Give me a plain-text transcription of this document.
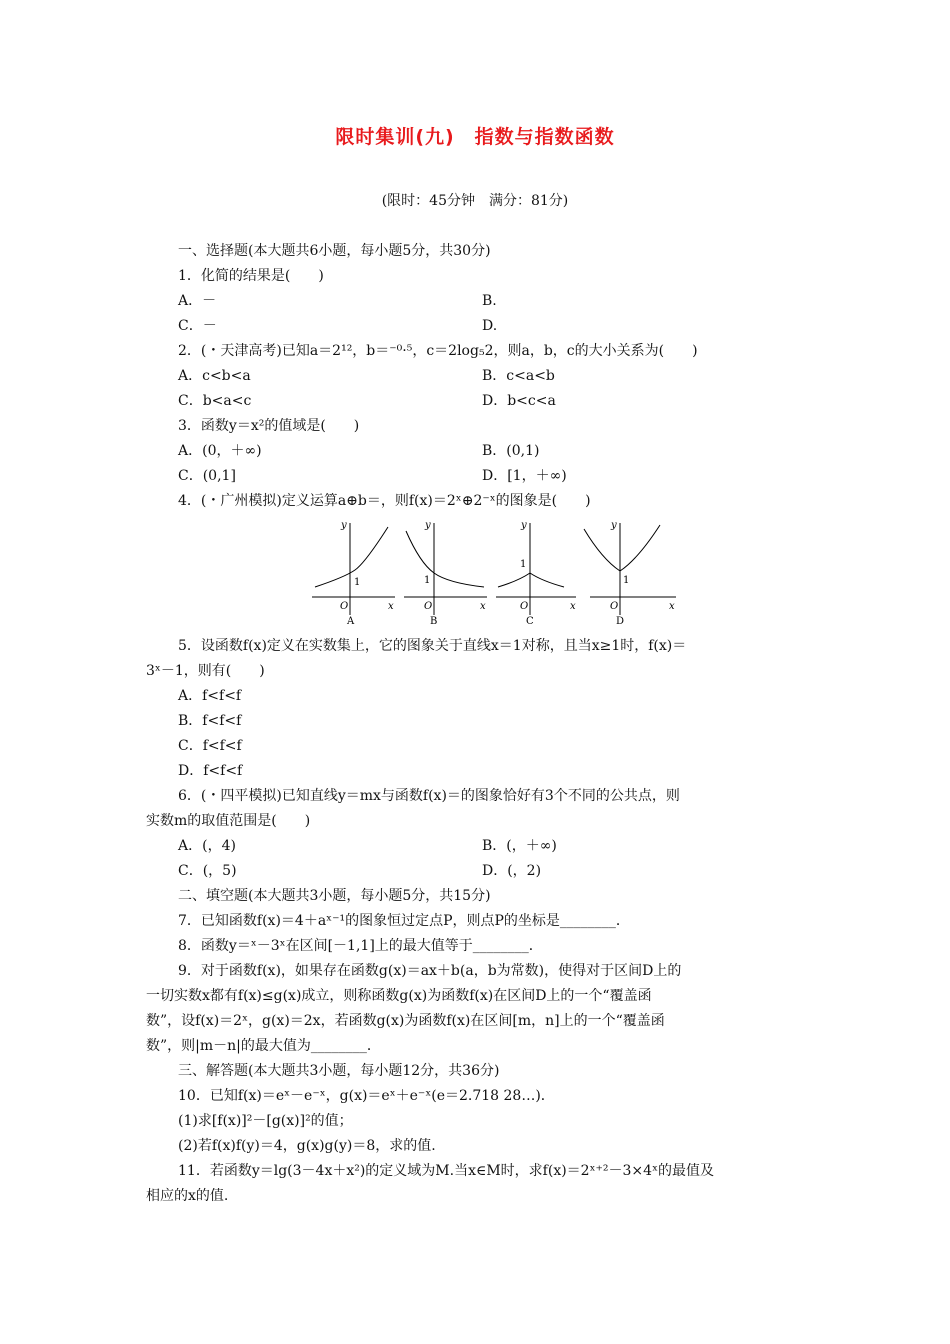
限时集训(九)　指数与指数函数
(限时：45分钟　满分：81分)
一、选择题(本大题共6小题，每小题5分，共30分)
1．化简的结果是(　　)
A．－	B.
C．－	D.
2．(・天津高考)已知a＝2¹²，b＝⁻⁰·⁵，c＝2log₅2，则a，b，c的大小关系为(　　)
A．c<b<a	B．c<a<b
C．b<a<c	D．b<c<a
3．函数y＝x²的值域是(　　)
A．(0，＋∞)	B．(0,1)
C．(0,1]	D．[1，＋∞)
4．(・广州模拟)定义运算a⊕b＝，则f(x)＝2ˣ⊕2⁻ˣ的图象是(　　)
y
x
O
1
A
y
x
O
1
B
y
x
O
1
C
y
x
O
1
D
5．设函数f(x)定义在实数集上，它的图象关于直线x＝1对称，且当x≥1时，f(x)＝
3ˣ－1，则有(　　)
A．f<f<f
B．f<f<f
C．f<f<f
D．f<f<f
6．(・四平模拟)已知直线y＝mx与函数f(x)＝的图象恰好有3个不同的公共点，则
实数m的取值范围是(　　)
A．(，4)	B．(，＋∞)
C．(，5)	D．(，2)
二、填空题(本大题共3小题，每小题5分，共15分)
7．已知函数f(x)＝4＋aˣ⁻¹的图象恒过定点P，则点P的坐标是________．
8．函数y＝ˣ－3ˣ在区间[－1,1]上的最大值等于________．
9．对于函数f(x)，如果存在函数g(x)＝ax＋b(a，b为常数)，使得对于区间D上的
一切实数x都有f(x)≤g(x)成立，则称函数g(x)为函数f(x)在区间D上的一个“覆盖函
数”，设f(x)＝2ˣ，g(x)＝2x，若函数g(x)为函数f(x)在区间[m，n]上的一个“覆盖函
数”，则|m－n|的最大值为________．
三、解答题(本大题共3小题，每小题12分，共36分)
10．已知f(x)＝eˣ－e⁻ˣ，g(x)＝eˣ＋e⁻ˣ(e＝2.718 28…)．
(1)求[f(x)]²－[g(x)]²的值；
(2)若f(x)f(y)＝4，g(x)g(y)＝8，求的值.
11．若函数y＝lg(3－4x＋x²)的定义域为M.当x∈M时，求f(x)＝2ˣ⁺²－3×4ˣ的最值及
相应的x的值.
